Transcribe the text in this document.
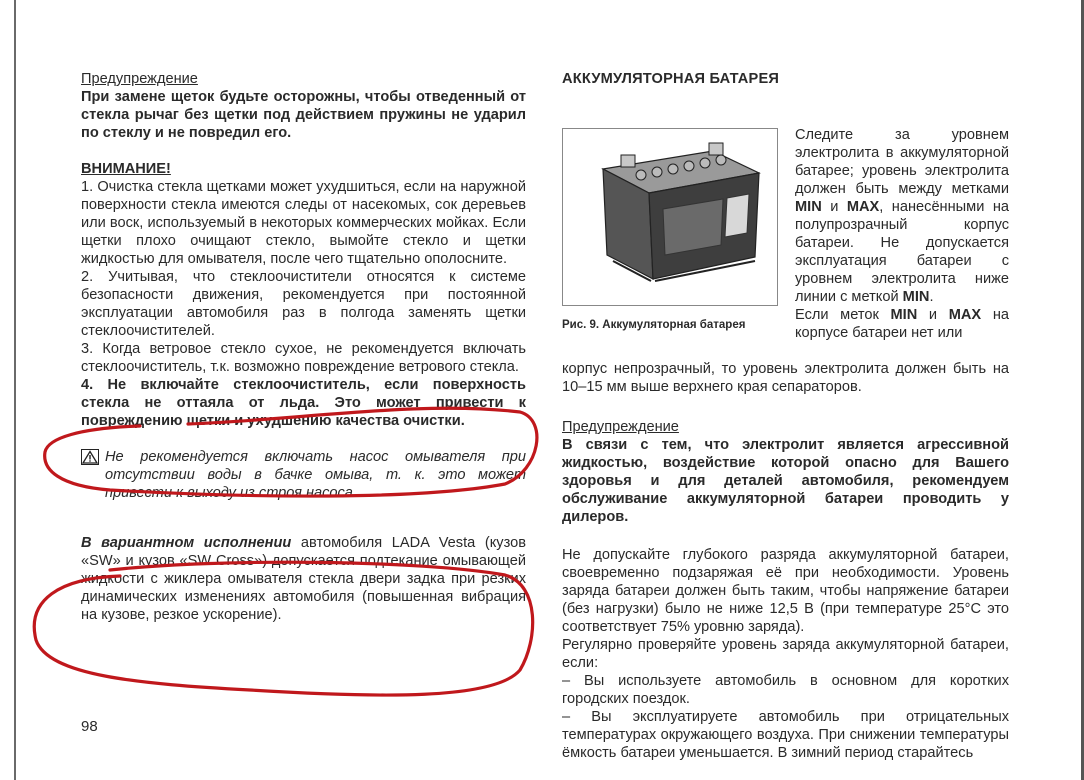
Предупреждение

При замене щеток будьте осторожны, чтобы отведенный от стекла рычаг без щетки под действием пружины не ударил по стеклу и не повредил его.

ВНИМАНИЕ!

1. Очистка стекла щетками может ухудшиться, если на наружной поверхности стекла имеются следы от насекомых, сок деревьев или воск, используемый в некоторых коммерческих мойках. Если щетки плохо очищают стекло, вымойте стекло и щетки жидкостью для омывателя, после чего тщательно ополосните.

2. Учитывая, что стеклоочистители относятся к системе безопасности движения, рекомендуется при постоянной эксплуатации автомобиля раз в полгода заменять щетки стеклоочистителей.

3. Когда ветровое стекло сухое, не рекомендуется включать стеклоочиститель, т.к. возможно повреждение ветрового стекла.

4. Не включайте стеклоочиститель, если поверхность стекла не оттаяла от льда. Это может привести к повреждению щетки и ухудшению качества очистки.

Не рекомендуется включать насос омывателя при отсутствии воды в бачке омыва, т. к. это может привести к выходу из строя насоса.

В вариантном исполнении автомобиля LADA Vesta (кузов «SW» и кузов «SW Cross») допускается подтекание омывающей жидкости с жиклера омывателя стекла двери задка при резких динамических изменениях автомобиля (повышенная вибрация на кузове, резкое ускорение).

98
АККУМУЛЯТОРНАЯ БАТАРЕЯ
Рис. 9. Аккумуляторная батарея

Следите за уровнем электролита в аккумуляторной батарее; уровень электролита должен быть между метками MIN и MAX, нанесёнными на полупрозрачный корпус батареи. Не допускается эксплуатация батареи с уровнем электролита ниже линии с меткой MIN.
Если меток MIN и MAX на корпусе батареи нет или

корпус непрозрачный, то уровень электролита должен быть на 10–15 мм выше верхнего края сепараторов.

Предупреждение

В связи с тем, что электролит является агрессивной жидкостью, воздействие которой опасно для Вашего здоровья и для деталей автомобиля, рекомендуем обслуживание аккумуляторной батареи проводить у дилеров.

Не допускайте глубокого разряда аккумуляторной батареи, своевременно подзаряжая её при необходимости. Уровень заряда батареи должен быть таким, чтобы напряжение батареи (без нагрузки) было не ниже 12,5 В (при температуре 25°С это соответствует 75% уровню заряда).

Регулярно проверяйте уровень заряда аккумуляторной батареи, если:

– Вы используете автомобиль в основном для коротких городских поездок.

– Вы эксплуатируете автомобиль при отрицательных температурах окружающего воздуха. При снижении температуры ёмкость батареи уменьшается. В зимний период старайтесь
